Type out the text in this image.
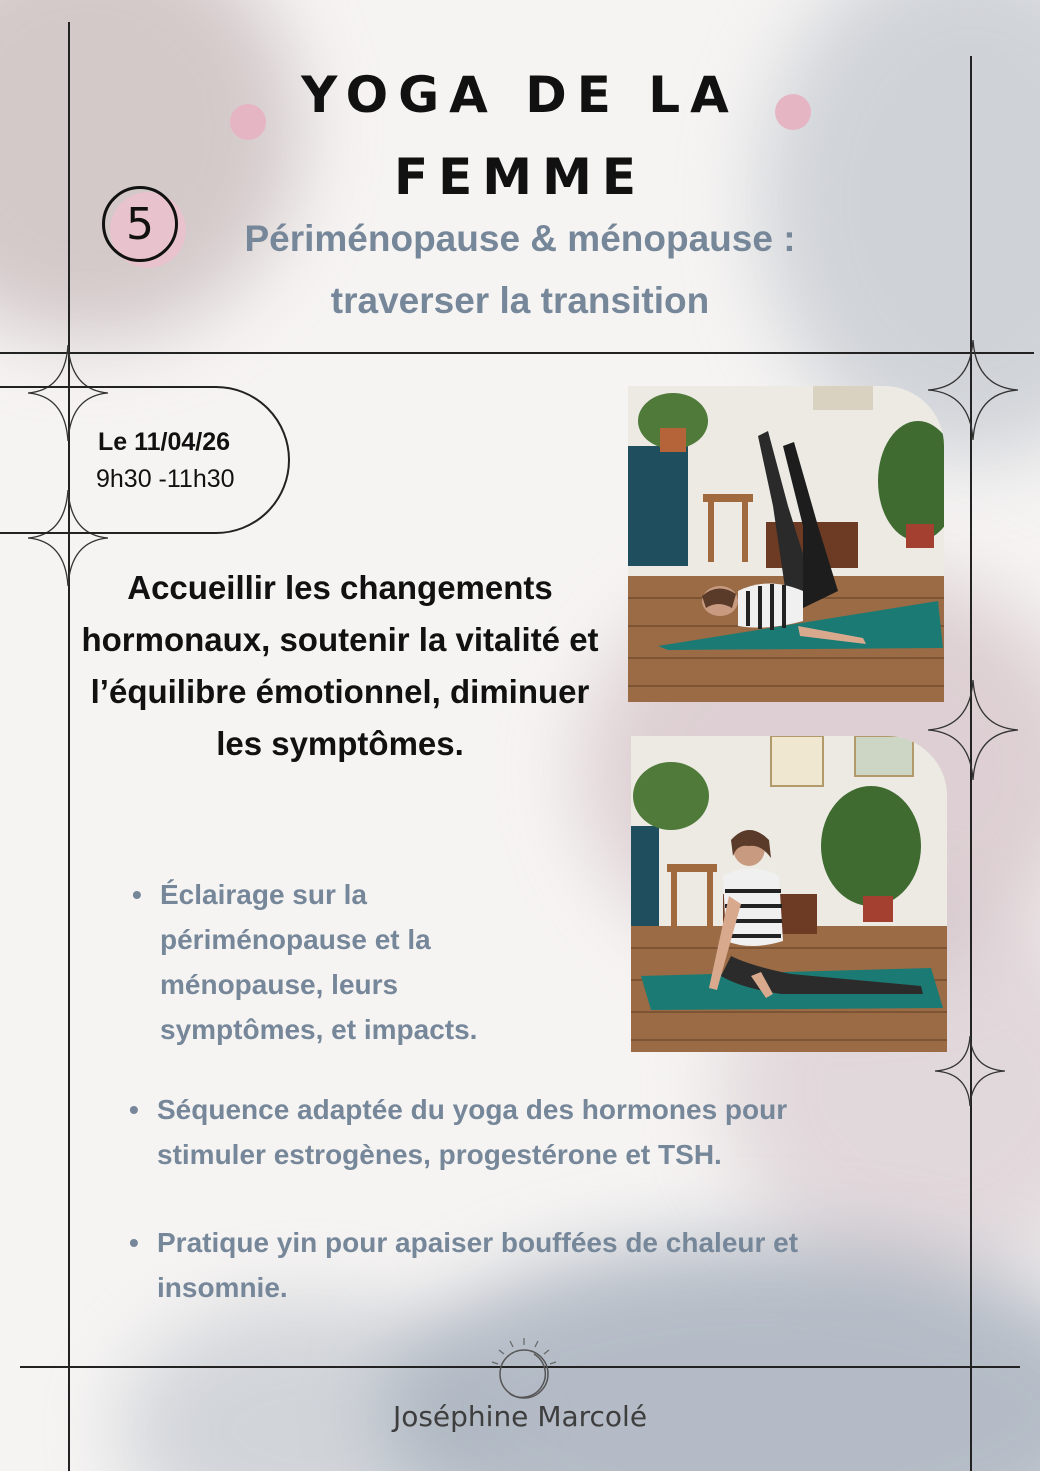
YOGA DE LA
FEMME
5	Périménopause & ménopause :
traverser la transition
Le 11/04/26
9h30 -11h30
Accueillir les changements hormonaux, soutenir la vitalité et l’équilibre émotionnel, diminuer les symptômes.
• Éclairage sur la périménopause et la ménopause, leurs symptômes, et impacts.
• Séquence adaptée du yoga des hormones pour stimuler estrogènes, progestérone et TSH.
• Pratique yin pour apaiser bouffées de chaleur et insomnie.
Joséphine Marcolé
